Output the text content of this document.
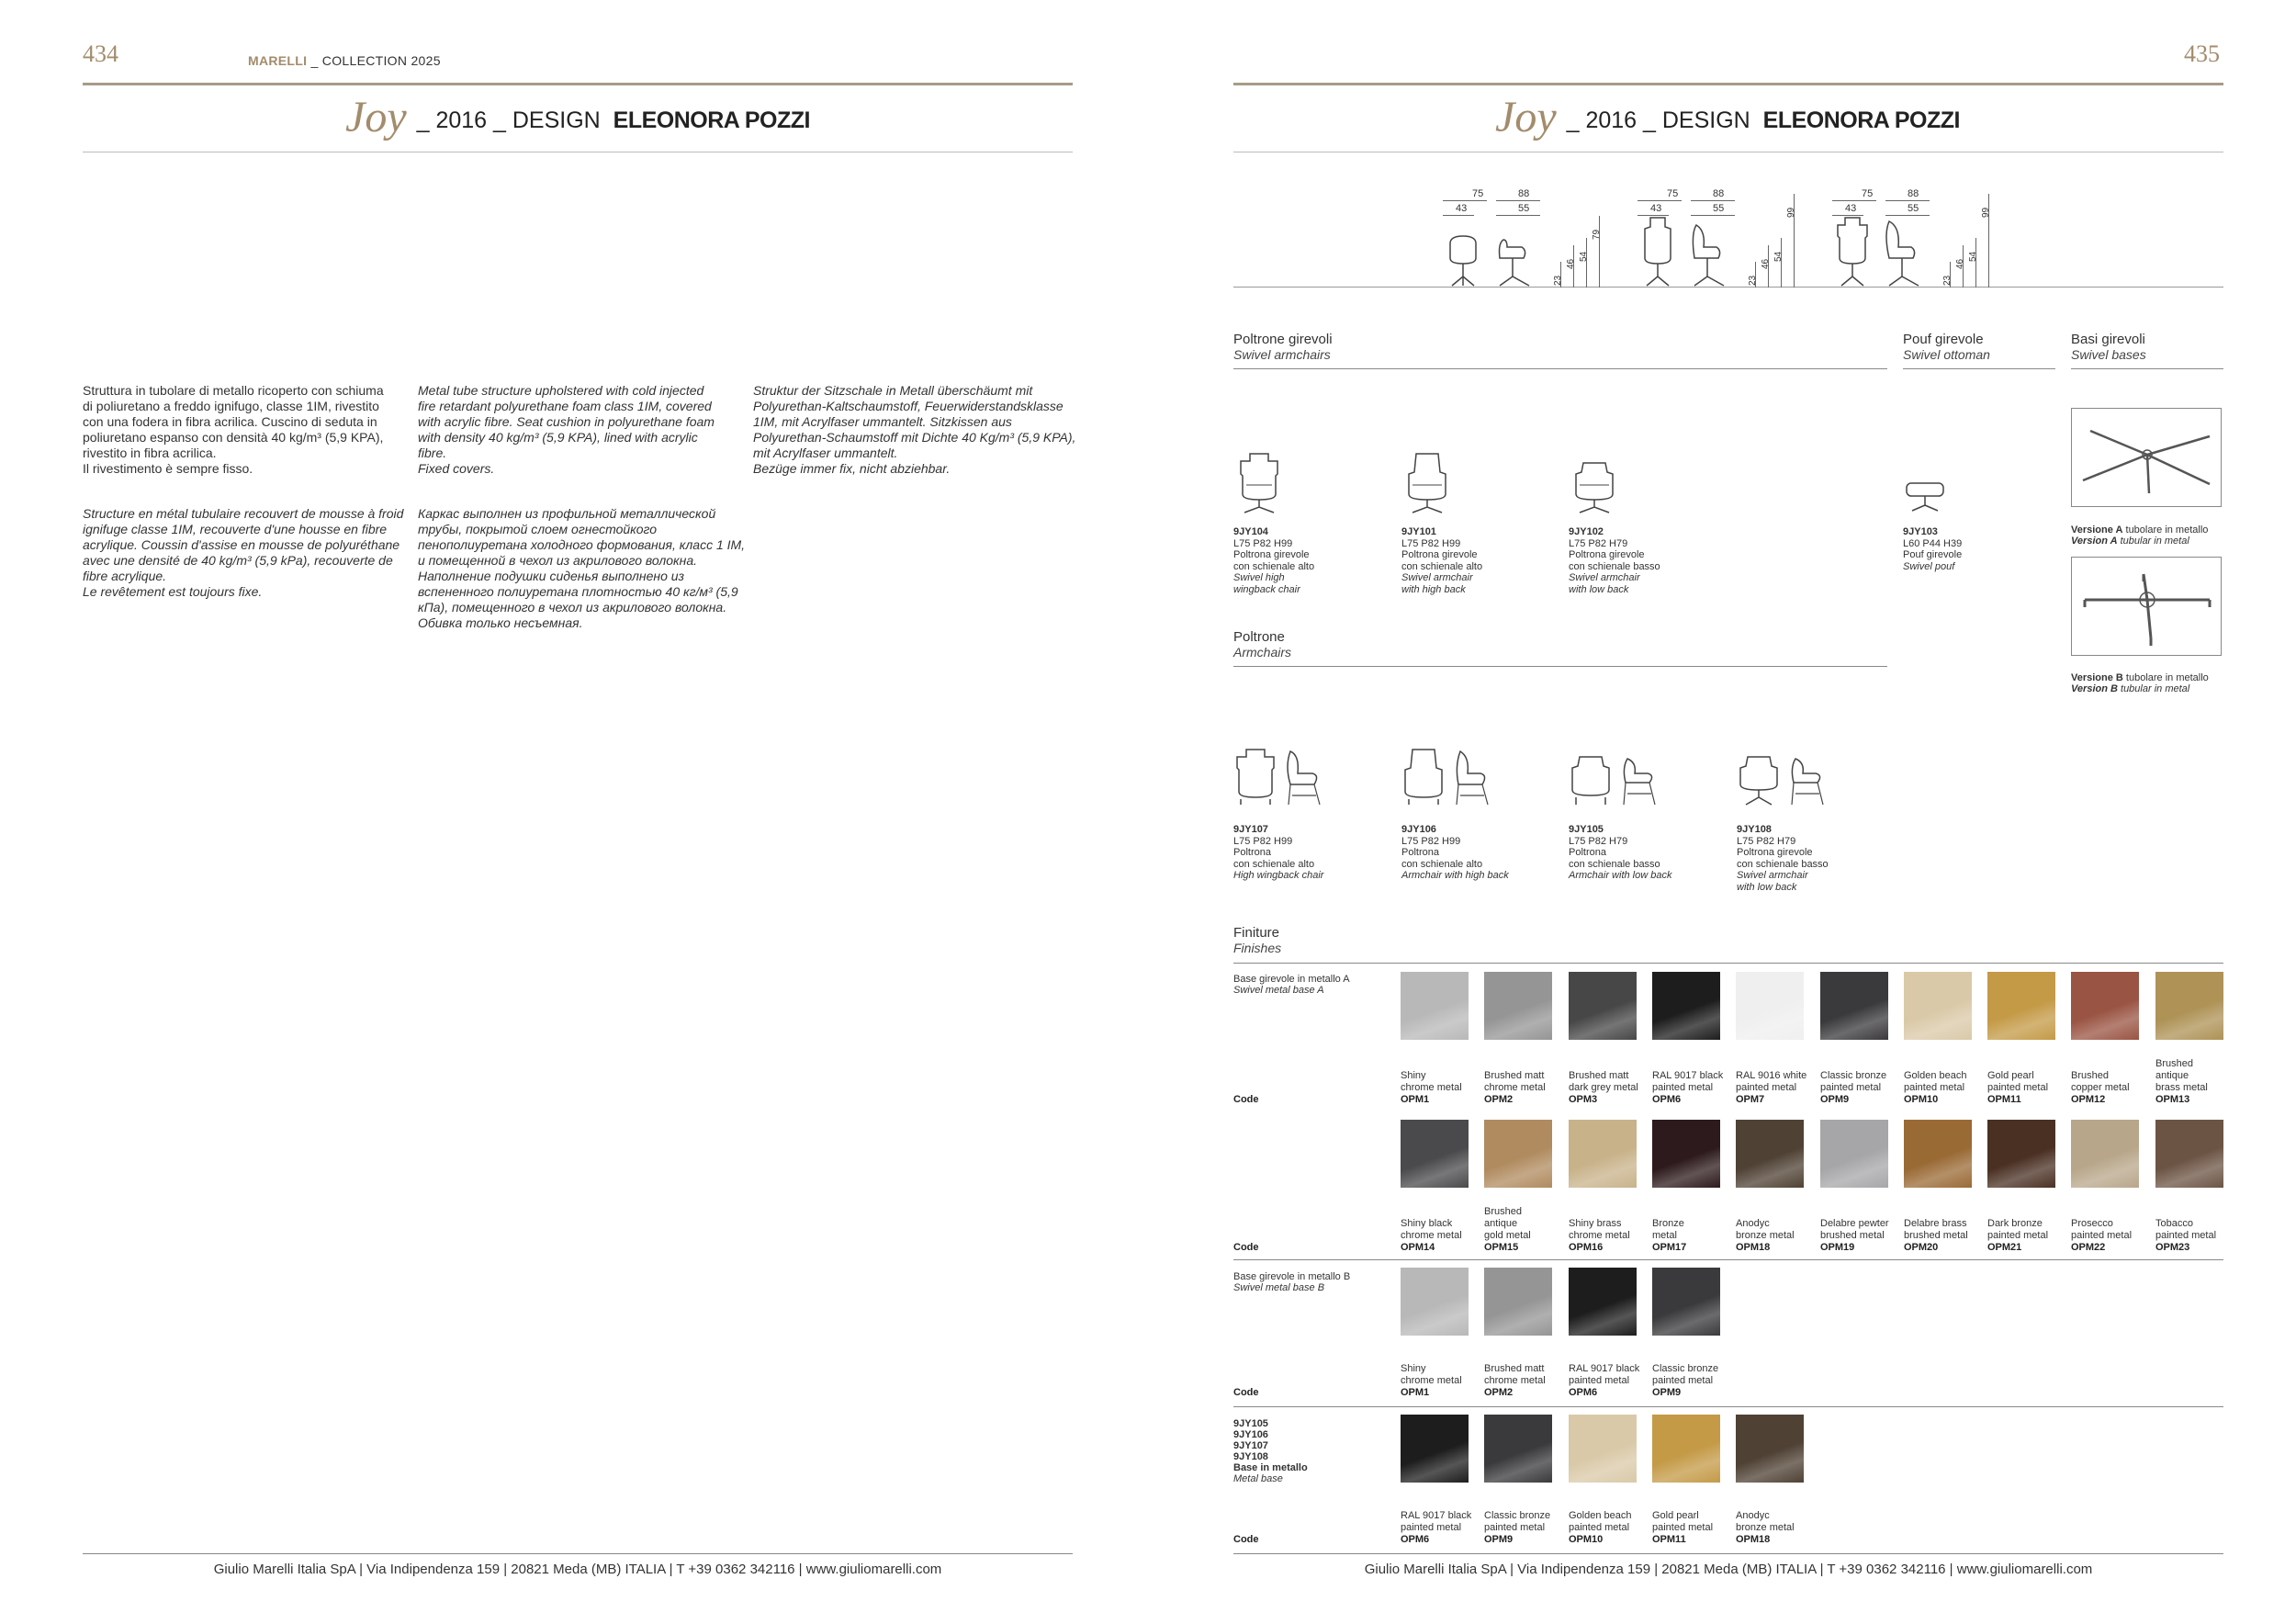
434	MARELLI _ COLLECTION 2025
Joy _ 2016 _ DESIGN ELEONORA POZZI

Struttura in tubolare di metallo ricoperto con schiuma
di poliuretano a freddo ignifugo, classe 1IM, rivestito
con una fodera in fibra acrilica. Cuscino di seduta in
poliuretano espanso con densità 40 kg/m³ (5,9 KPA),
rivestito in fibra acrilica.
Il rivestimento è sempre fisso.

Metal tube structure upholstered with cold injected
fire retardant polyurethane foam class 1IM, covered
with acrylic fibre. Seat cushion in polyurethane foam
with density 40 kg/m³ (5,9 KPA), lined with acrylic
fibre.
Fixed covers.

Struktur der Sitzschale in Metall überschäumt mit
Polyurethan-Kaltschaumstoff, Feuerwiderstandsklasse
1IM, mit Acrylfaser ummantelt. Sitzkissen aus
Polyurethan-Schaumstoff mit Dichte 40 Kg/m³ (5,9 KPA),
mit Acrylfaser ummantelt.
Bezüge immer fix, nicht abziehbar.

Structure en métal tubulaire recouvert de mousse à froid
ignifuge classe 1IM, recouverte d'une housse en fibre
acrylique. Coussin d'assise en mousse de polyuréthane
avec une densité de 40 kg/m³ (5,9 kPa), recouverte de
fibre acrylique.
Le revêtement est toujours fixe.

Каркас выполнен из профильной металлической
трубы, покрытой слоем огнестойкого
пенополиуретана холодного формования, класс 1 IM,
и помещенной в чехол из акрилового волокна.
Наполнение подушки сиденья выполнено из
вспененного полиуретана плотностью 40 кг/м³ (5,9
кПа), помещенного в чехол из акрилового волокна.
Обивка только несъемная.

Giulio Marelli Italia SpA | Via Indipendenza 159 | 20821 Meda (MB) ITALIA | T +39 0362 342116 | www.giuliomarelli.com
435
Joy _ 2016 _ DESIGN ELEONORA POZZI
75
43
88
55
23
46
54
79
75
43
88
55
23
46
54
99
75
43
88
55
23
46
54
99
Poltrone girevoli
Swivel armchairs
Pouf girevole
Swivel ottoman
Basi girevoli
Swivel bases
9JY104
L75 P82 H99
Poltrona girevole
con schienale alto
Swivel high
wingback chair
9JY101
L75 P82 H99
Poltrona girevole
con schienale alto
Swivel armchair
with high back
9JY102
L75 P82 H79
Poltrona girevole
con schienale basso
Swivel armchair
with low back
9JY103
L60 P44 H39
Pouf girevole
Swivel pouf
Versione A tubolare in metallo
Version A tubular in metal
Versione B tubolare in metallo
Version B tubular in metal
Poltrone
Armchairs
9JY107
L75 P82 H99
Poltrona
con schienale alto
High wingback chair
9JY106
L75 P82 H99
Poltrona
con schienale alto
Armchair with high back
9JY105
L75 P82 H79
Poltrona
con schienale basso
Armchair with low back
9JY108
L75 P82 H79
Poltrona girevole
con schienale basso
Swivel armchair
with low back
Finiture
Finishes
Base girevole in metallo A
Swivel metal base A
Code
Shiny
chrome metal
OPM1
Brushed matt
chrome metal
OPM2
Brushed matt
dark grey metal
OPM3
RAL 9017 black
painted metal
OPM6
RAL 9016 white
painted metal
OPM7
Classic bronze
painted metal
OPM9
Golden beach
painted metal
OPM10
Gold pearl
painted metal
OPM11
Brushed
copper metal
OPM12
Brushed
antique
brass metal
OPM13
Code
Shiny black
chrome metal
OPM14
Brushed
antique
gold metal
OPM15
Shiny brass
chrome metal
OPM16
Bronze
metal
OPM17
Anodyc
bronze metal
OPM18
Delabre pewter
brushed metal
OPM19
Delabre brass
brushed metal
OPM20
Dark bronze
painted metal
OPM21
Prosecco
painted metal
OPM22
Tobacco
painted metal
OPM23
Base girevole in metallo B
Swivel metal base B
Code
Shiny
chrome metal
OPM1
Brushed matt
chrome metal
OPM2
RAL 9017 black
painted metal
OPM6
Classic bronze
painted metal
OPM9
9JY105
9JY106
9JY107
9JY108
Base in metallo
Metal base
Code
RAL 9017 black
painted metal
OPM6
Classic bronze
painted metal
OPM9
Golden beach
painted metal
OPM10
Gold pearl
painted metal
OPM11
Anodyc
bronze metal
OPM18
Giulio Marelli Italia SpA | Via Indipendenza 159 | 20821 Meda (MB) ITALIA | T +39 0362 342116 | www.giuliomarelli.com
